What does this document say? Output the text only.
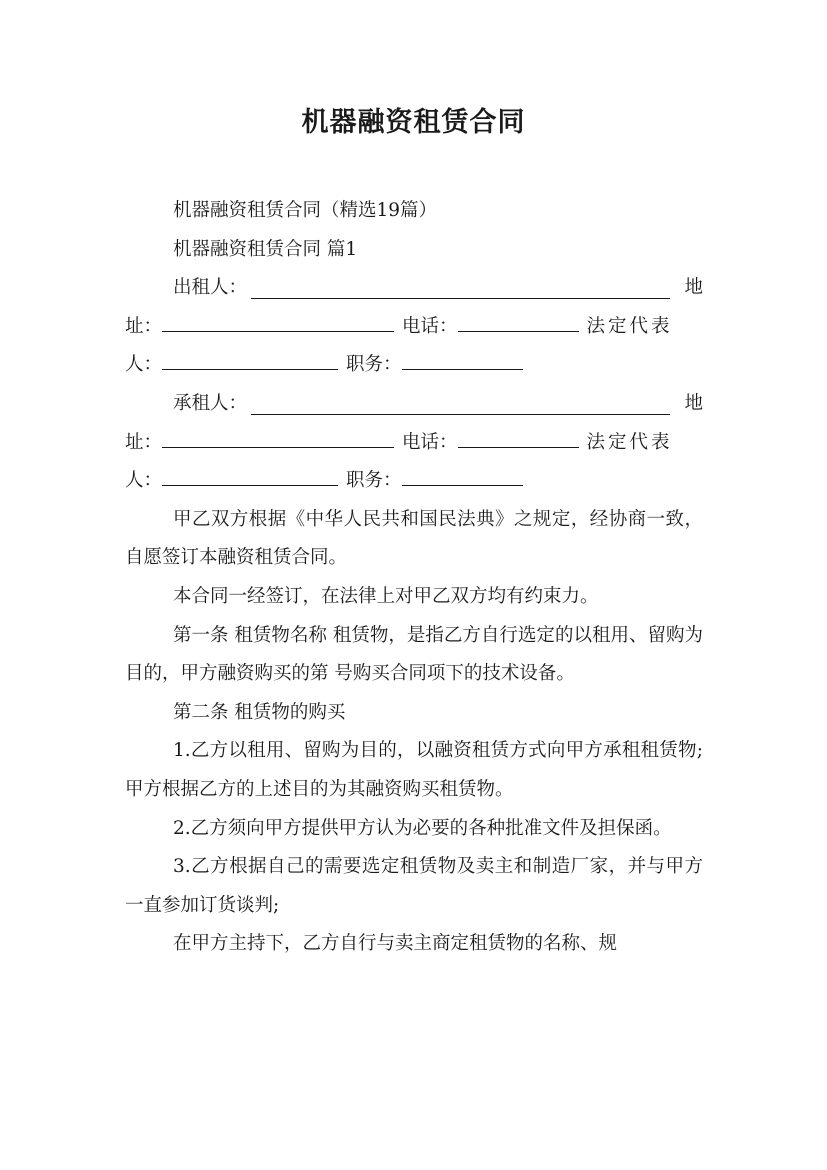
机器融资租赁合同

机器融资租赁合同（精选19篇）

机器融资租赁合同 篇1

出租人：	地
址：	电话：	法定代表
人：	职务：
承租人：	地
址：	电话：	法定代表
人：	职务：

甲乙双方根据《中华人民共和国民法典》之规定，经协商一致，自愿签订本融资租赁合同。

本合同一经签订，在法律上对甲乙双方均有约束力。

第一条 租赁物名称 租赁物，是指乙方自行选定的以租用、留购为目的，甲方融资购买的第 号购买合同项下的技术设备。

第二条 租赁物的购买

1.乙方以租用、留购为目的，以融资租赁方式向甲方承租租赁物;甲方根据乙方的上述目的为其融资购买租赁物。

2.乙方须向甲方提供甲方认为必要的各种批准文件及担保函。

3.乙方根据自己的需要选定租赁物及卖主和制造厂家，并与甲方一直参加订货谈判;

在甲方主持下，乙方自行与卖主商定租赁物的名称、规
